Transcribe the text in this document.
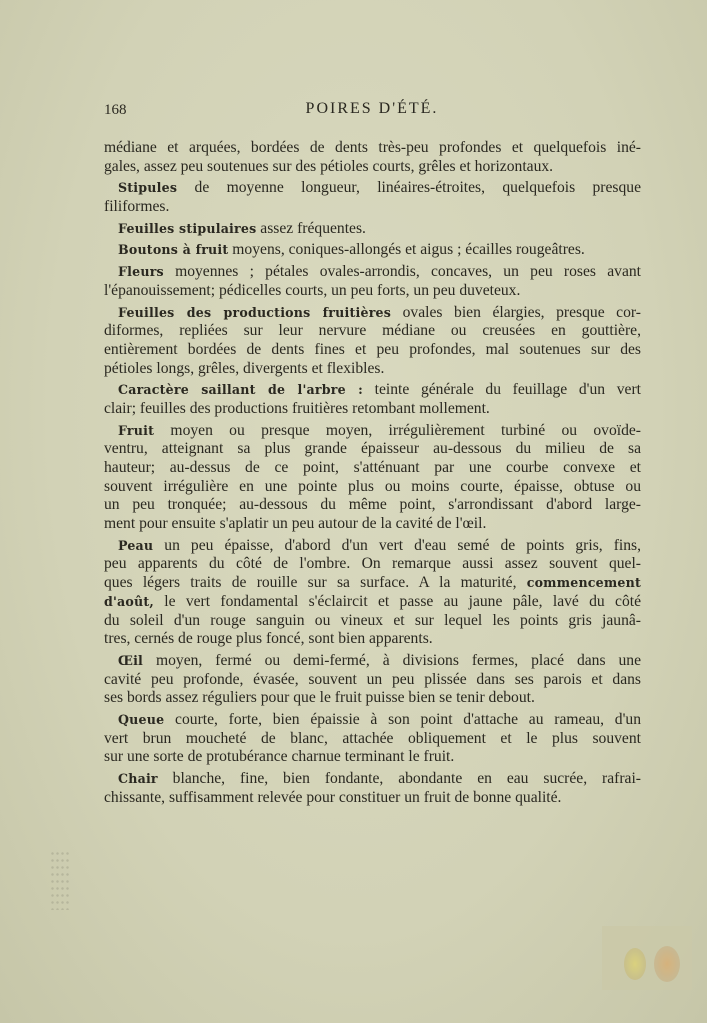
168	POIRES D'ÉTÉ.
médiane et arquées, bordées de dents très-peu profondes et quelquefois iné-
gales, assez peu soutenues sur des pétioles courts, grêles et horizontaux.
Stipules de moyenne longueur, linéaires-étroites, quelquefois presque
filiformes.
Feuilles stipulaires assez fréquentes.
Boutons à fruit moyens, coniques-allongés et aigus ; écailles rougeâtres.
Fleurs moyennes ; pétales ovales-arrondis, concaves, un peu roses avant
l'épanouissement; pédicelles courts, un peu forts, un peu duveteux.
Feuilles des productions fruitières ovales bien élargies, presque cor-
diformes, repliées sur leur nervure médiane ou creusées en gouttière,
entièrement bordées de dents fines et peu profondes, mal soutenues sur des
pétioles longs, grêles, divergents et flexibles.
Caractère saillant de l'arbre : teinte générale du feuillage d'un vert
clair; feuilles des productions fruitières retombant mollement.
Fruit moyen ou presque moyen, irrégulièrement turbiné ou ovoïde-
ventru, atteignant sa plus grande épaisseur au-dessous du milieu de sa
hauteur; au-dessus de ce point, s'atténuant par une courbe convexe et
souvent irrégulière en une pointe plus ou moins courte, épaisse, obtuse ou
un peu tronquée; au-dessous du même point, s'arrondissant d'abord large-
ment pour ensuite s'aplatir un peu autour de la cavité de l'œil.
Peau un peu épaisse, d'abord d'un vert d'eau semé de points gris, fins,
peu apparents du côté de l'ombre. On remarque aussi assez souvent quel-
ques légers traits de rouille sur sa surface. A la maturité, commencement
d'août, le vert fondamental s'éclaircit et passe au jaune pâle, lavé du côté
du soleil d'un rouge sanguin ou vineux et sur lequel les points gris jaunâ-
tres, cernés de rouge plus foncé, sont bien apparents.
Œil moyen, fermé ou demi-fermé, à divisions fermes, placé dans une
cavité peu profonde, évasée, souvent un peu plissée dans ses parois et dans
ses bords assez réguliers pour que le fruit puisse bien se tenir debout.
Queue courte, forte, bien épaissie à son point d'attache au rameau, d'un
vert brun moucheté de blanc, attachée obliquement et le plus souvent
sur une sorte de protubérance charnue terminant le fruit.
Chair blanche, fine, bien fondante, abondante en eau sucrée, rafrai-
chissante, suffisamment relevée pour constituer un fruit de bonne qualité.
